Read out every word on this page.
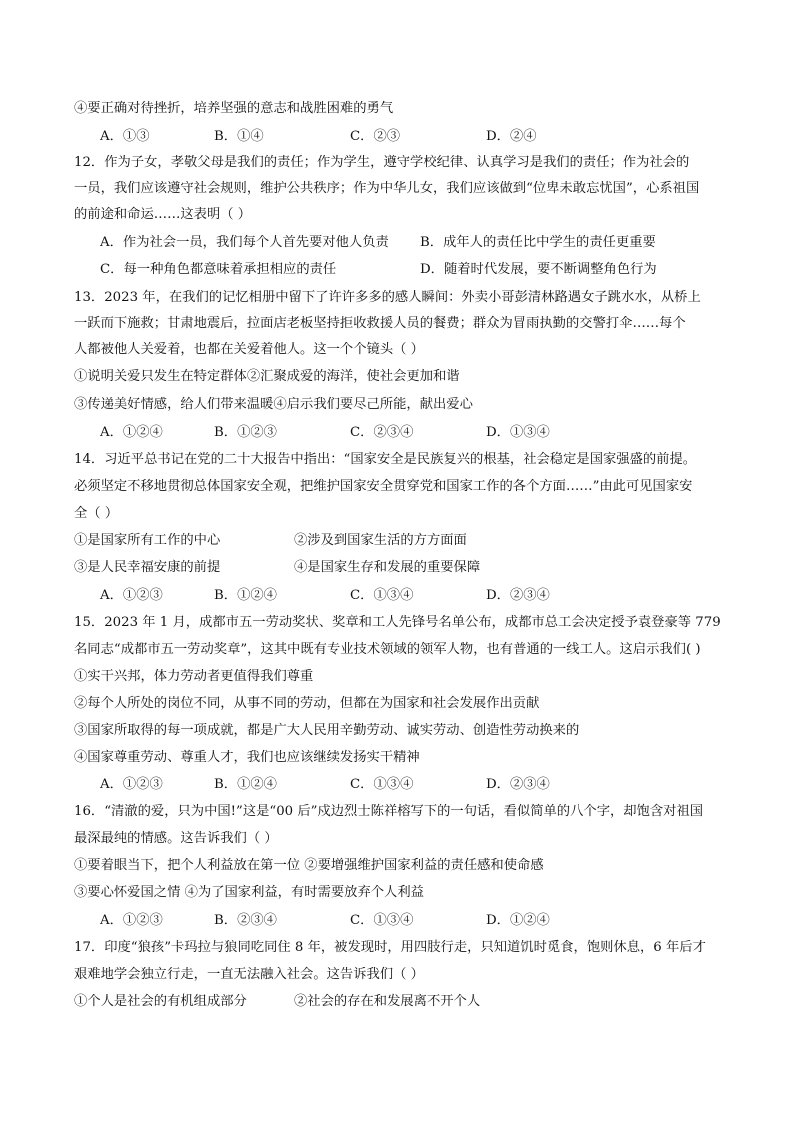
④要正确对待挫折，培养坚强的意志和战胜困难的勇气
A．①③	B．①④	C．②③	D．②④
12．作为子女，孝敬父母是我们的责任；作为学生，遵守学校纪律、认真学习是我们的责任；作为社会的
一员，我们应该遵守社会规则，维护公共秩序；作为中华儿女，我们应该做到“位卑未敢忘忧国”，心系祖国
的前途和命运……这表明（ ）
A．作为社会一员，我们每个人首先要对他人负责 B．成年人的责任比中学生的责任更重要
C．每一种角色都意味着承担相应的责任	D．随着时代发展，要不断调整角色行为
13．2023 年，在我们的记忆相册中留下了许许多多的感人瞬间：外卖小哥彭清林路遇女子跳水水，从桥上
一跃而下施救；甘肃地震后，拉面店老板坚持拒收救援人员的餐费；群众为冒雨执勤的交警打伞……每个
人都被他人关爱着，也都在关爱着他人。这一个个镜头（ ）
①说明关爱只发生在特定群体②汇聚成爱的海洋，使社会更加和谐
③传递美好情感，给人们带来温暖④启示我们要尽己所能，献出爱心
A．①②④	B．①②③	C．②③④	D．①③④
14．习近平总书记在党的二十大报告中指出：“国家安全是民族复兴的根基，社会稳定是国家强盛的前提。
必须坚定不移地贯彻总体国家安全观，把维护国家安全贯穿党和国家工作的各个方面……”由此可见国家安
全（ ）
①是国家所有工作的中心	②涉及到国家生活的方方面面
③是人民幸福安康的前提	④是国家生存和发展的重要保障
A．①②③	B．①②④	C．①③④	D．②③④
15．2023 年 1 月，成都市五一劳动奖状、奖章和工人先锋号名单公布，成都市总工会决定授予袁登豪等 779
名同志“成都市五一劳动奖章”，这其中既有专业技术领域的领军人物，也有普通的一线工人。这启示我们( )
①实干兴邦，体力劳动者更值得我们尊重
②每个人所处的岗位不同，从事不同的劳动，但都在为国家和社会发展作出贡献
③国家所取得的每一项成就，都是广大人民用辛勤劳动、诚实劳动、创造性劳动换来的
④国家尊重劳动、尊重人才，我们也应该继续发扬实干精神
A．①②③	B．①②④	C．①③④	D．②③④
16．“清澈的爱，只为中国!”这是“00 后”戍边烈士陈祥榕写下的一句话，看似简单的八个字，却饱含对祖国
最深最纯的情感。这告诉我们（ ）
①要着眼当下，把个人利益放在第一位 ②要增强维护国家利益的责任感和使命感
③要心怀爱国之情 ④为了国家利益，有时需要放弃个人利益
A．①②③	B．②③④	C．①③④	D．①②④
17．印度“狼孩”卡玛拉与狼同吃同住 8 年，被发现时，用四肢行走，只知道饥时觅食，饱则休息，6 年后才
艰难地学会独立行走，一直无法融入社会。这告诉我们（ ）
①个人是社会的有机组成部分	②社会的存在和发展离不开个人
